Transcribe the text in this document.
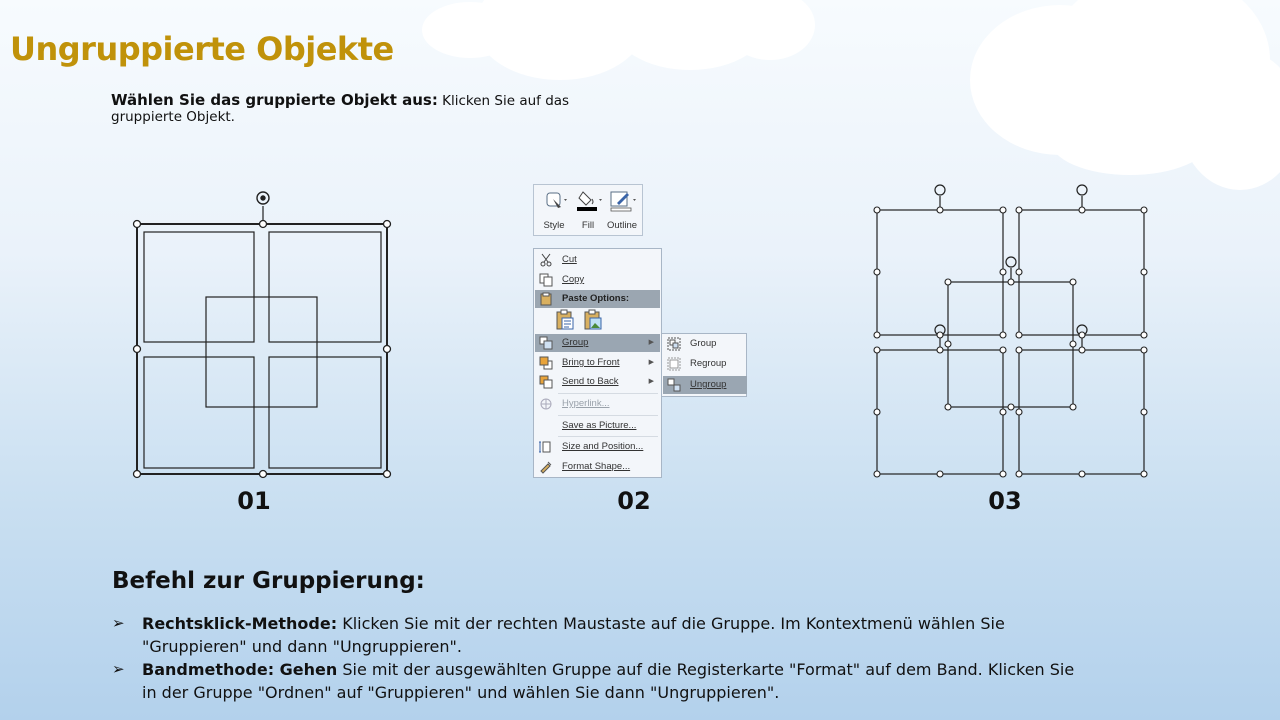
Ungruppierte Objekte
Wählen Sie das gruppierte Objekt aus: Klicken Sie auf das gruppierte Objekt.
01
Style	Fill	Outline
Cut
Copy
Paste Options:
Group	▶
Bring to Front	▶
Send to Back	▶
Hyperlink...
Save as Picture...
Size and Position...
Format Shape...
Group
Regroup
Ungroup
02	03
Befehl zur Gruppierung:
➢ Rechtsklick-Methode: Klicken Sie mit der rechten Maustaste auf die Gruppe. Im Kontextmenü wählen Sie "Gruppieren" und dann "Ungruppieren".
➢ Bandmethode: Gehen Sie mit der ausgewählten Gruppe auf die Registerkarte "Format" auf dem Band. Klicken Sie in der Gruppe "Ordnen" auf "Gruppieren" und wählen Sie dann "Ungruppieren".
